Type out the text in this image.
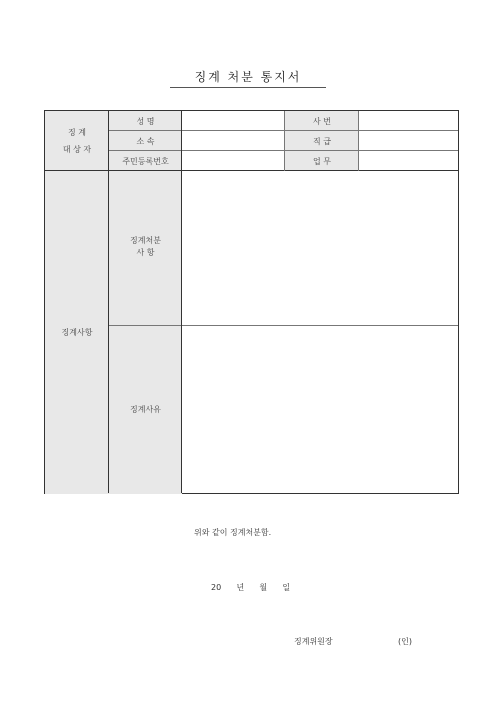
징계 처분 통지서
징 계
대 상 자
징계사항
성 명
소 속
주민등록번호
사 번
직 급
업 무
징계처분
사 항
징계사유
위와 같이 징계처분함.
20      년      월      일
징계위원장	(인)
